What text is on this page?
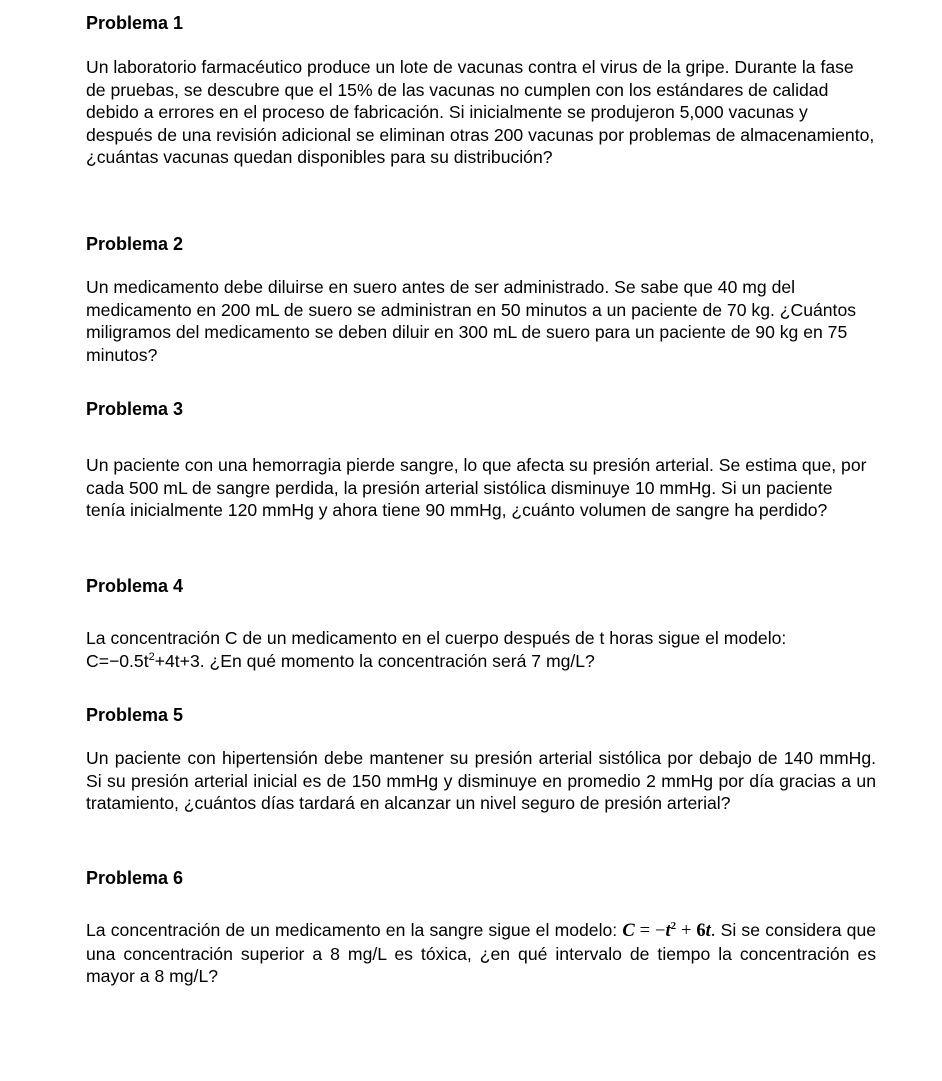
Problema 1

Un laboratorio farmacéutico produce un lote de vacunas contra el virus de la gripe. Durante la fase de pruebas, se descubre que el 15% de las vacunas no cumplen con los estándares de calidad debido a errores en el proceso de fabricación. Si inicialmente se produjeron 5,000 vacunas y después de una revisión adicional se eliminan otras 200 vacunas por problemas de almacenamiento, ¿cuántas vacunas quedan disponibles para su distribución?

Problema 2

Un medicamento debe diluirse en suero antes de ser administrado. Se sabe que 40 mg del medicamento en 200 mL de suero se administran en 50 minutos a un paciente de 70 kg. ¿Cuántos miligramos del medicamento se deben diluir en 300 mL de suero para un paciente de 90 kg en 75 minutos?

Problema 3

Un paciente con una hemorragia pierde sangre, lo que afecta su presión arterial. Se estima que, por cada 500 mL de sangre perdida, la presión arterial sistólica disminuye 10 mmHg. Si un paciente tenía inicialmente 120 mmHg y ahora tiene 90 mmHg, ¿cuánto volumen de sangre ha perdido?

Problema 4

La concentración C de un medicamento en el cuerpo después de t horas sigue el modelo: $C=-0.5t^2+4t+3$. ¿En qué momento la concentración será 7 mg/L?

Problema 5

Un paciente con hipertensión debe mantener su presión arterial sistólica por debajo de 140 mmHg. Si su presión arterial inicial es de 150 mmHg y disminuye en promedio 2 mmHg por día gracias a un tratamiento, ¿cuántos días tardará en alcanzar un nivel seguro de presión arterial?

Problema 6

La concentración de un medicamento en la sangre sigue el modelo: $C = -t^2 + 6t$. Si se considera que una concentración superior a 8 mg/L es tóxica, ¿en qué intervalo de tiempo la concentración es mayor a 8 mg/L?
